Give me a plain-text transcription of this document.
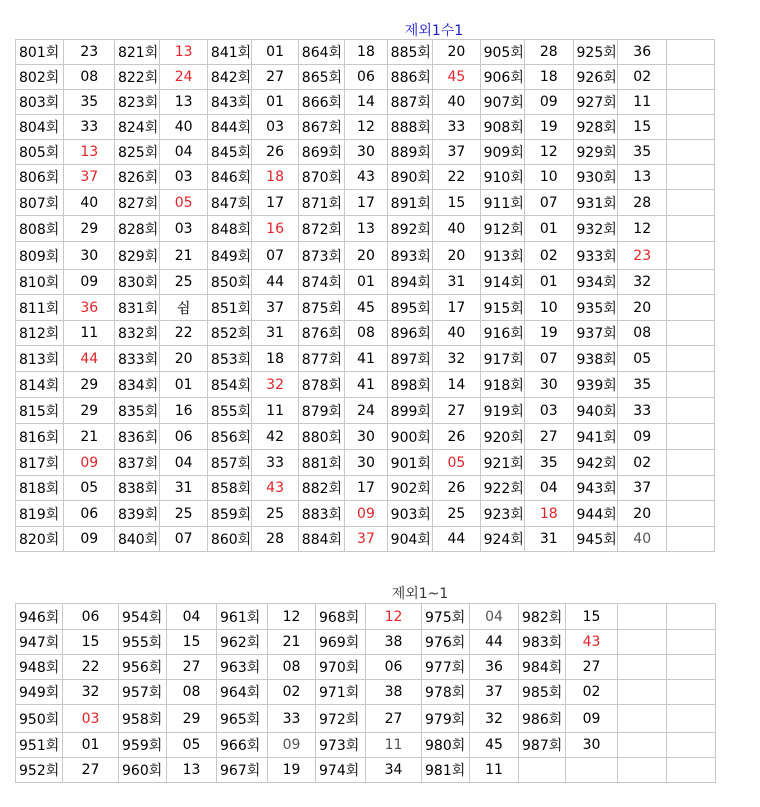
제외1수1
801회	23	821회	13	841회	01	864회	18	885회	20	905회	28	925회	36	
802회	08	822회	24	842회	27	865회	06	886회	45	906회	18	926회	02	
803회	35	823회	13	843회	01	866회	14	887회	40	907회	09	927회	11	
804회	33	824회	40	844회	03	867회	12	888회	33	908회	19	928회	15	
805회	13	825회	04	845회	26	869회	30	889회	37	909회	12	929회	35	
806회	37	826회	03	846회	18	870회	43	890회	22	910회	10	930회	13	
807회	40	827회	05	847회	17	871회	17	891회	15	911회	07	931회	28	
808회	29	828회	03	848회	16	872회	13	892회	40	912회	01	932회	12	
809회	30	829회	21	849회	07	873회	20	893회	20	913회	02	933회	23	
810회	09	830회	25	850회	44	874회	01	894회	31	914회	01	934회	32	
811회	36	831회	쉼	851회	37	875회	45	895회	17	915회	10	935회	20	
812회	11	832회	22	852회	31	876회	08	896회	40	916회	19	937회	08	
813회	44	833회	20	853회	18	877회	41	897회	32	917회	07	938회	05	
814회	29	834회	01	854회	32	878회	41	898회	14	918회	30	939회	35	
815회	29	835회	16	855회	11	879회	24	899회	27	919회	03	940회	33	
816회	21	836회	06	856회	42	880회	30	900회	26	920회	27	941회	09	
817회	09	837회	04	857회	33	881회	30	901회	05	921회	35	942회	02	
818회	05	838회	31	858회	43	882회	17	902회	26	922회	04	943회	37	
819회	06	839회	25	859회	25	883회	09	903회	25	923회	18	944회	20	
820회	09	840회	07	860회	28	884회	37	904회	44	924회	31	945회	40	
제외1~1
946회	06	954회	04	961회	12	968회	12	975회	04	982회	15		
947회	15	955회	15	962회	21	969회	38	976회	44	983회	43		
948회	22	956회	27	963회	08	970회	06	977회	36	984회	27		
949회	32	957회	08	964회	02	971회	38	978회	37	985회	02		
950회	03	958회	29	965회	33	972회	27	979회	32	986회	09		
951회	01	959회	05	966회	09	973회	11	980회	45	987회	30		
952회	27	960회	13	967회	19	974회	34	981회	11				
